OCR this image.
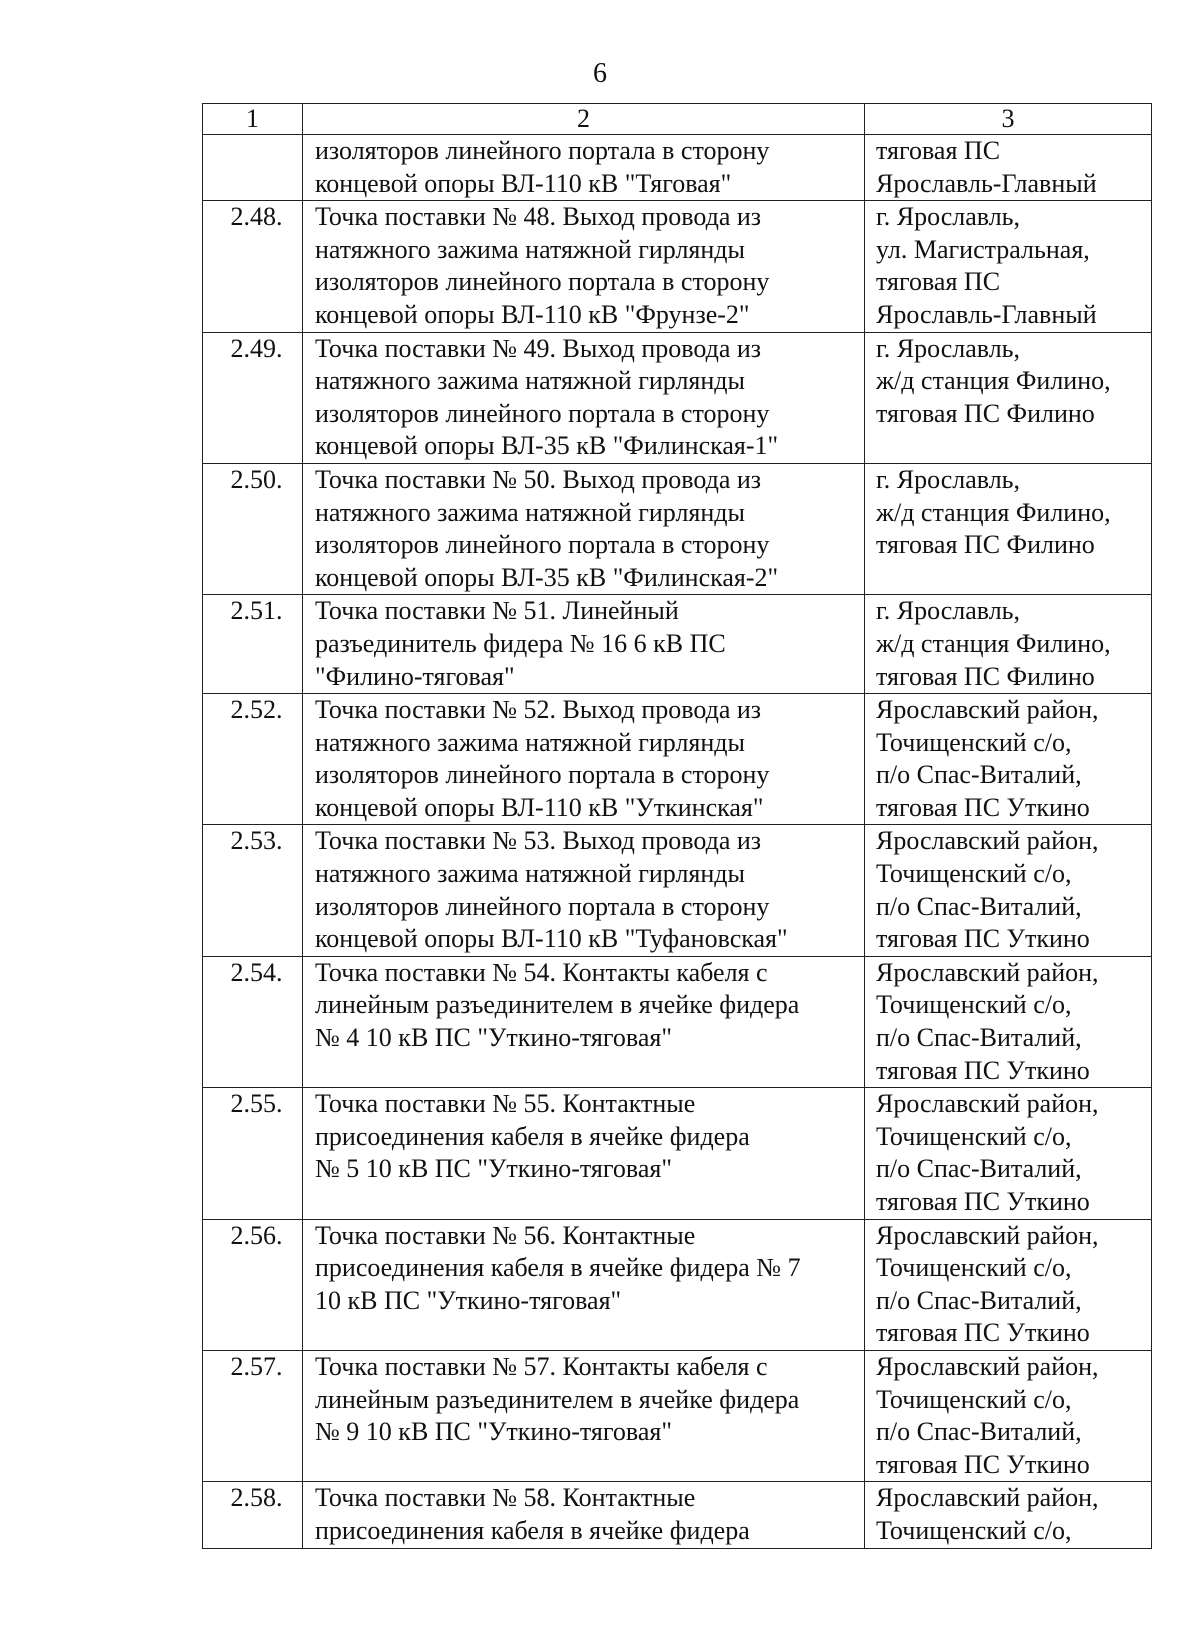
6
1	2	3

	изоляторов линейного портала в сторону
концевой опоры ВЛ-110 кВ "Тяговая"	тяговая ПС
Ярославль-Главный

2.48.	Точка поставки № 48. Выход провода из
натяжного зажима натяжной гирлянды
изоляторов линейного портала в сторону
концевой опоры ВЛ-110 кВ "Фрунзе-2"	г. Ярославль,
ул. Магистральная,
тяговая ПС
Ярославль-Главный

2.49.	Точка поставки № 49. Выход провода из
натяжного зажима натяжной гирлянды
изоляторов линейного портала в сторону
концевой опоры ВЛ-35 кВ "Филинская-1"	г. Ярославль,
ж/д станция Филино,
тяговая ПС Филино

2.50.	Точка поставки № 50. Выход провода из
натяжного зажима натяжной гирлянды
изоляторов линейного портала в сторону
концевой опоры ВЛ-35 кВ "Филинская-2"	г. Ярославль,
ж/д станция Филино,
тяговая ПС Филино

2.51.	Точка поставки № 51. Линейный
разъединитель фидера № 16 6 кВ ПС
"Филино-тяговая"	г. Ярославль,
ж/д станция Филино,
тяговая ПС Филино

2.52.	Точка поставки № 52. Выход провода из
натяжного зажима натяжной гирлянды
изоляторов линейного портала в сторону
концевой опоры ВЛ-110 кВ "Уткинская"	Ярославский район,
Точищенский с/о,
п/о Спас-Виталий,
тяговая ПС Уткино

2.53.	Точка поставки № 53. Выход провода из
натяжного зажима натяжной гирлянды
изоляторов линейного портала в сторону
концевой опоры ВЛ-110 кВ "Туфановская"	Ярославский район,
Точищенский с/о,
п/о Спас-Виталий,
тяговая ПС Уткино

2.54.	Точка поставки № 54. Контакты кабеля с
линейным разъединителем в ячейке фидера
№ 4 10 кВ ПС "Уткино-тяговая"	Ярославский район,
Точищенский с/о,
п/о Спас-Виталий,
тяговая ПС Уткино

2.55.	Точка поставки № 55. Контактные
присоединения кабеля в ячейке фидера
№ 5 10 кВ ПС "Уткино-тяговая"	Ярославский район,
Точищенский с/о,
п/о Спас-Виталий,
тяговая ПС Уткино

2.56.	Точка поставки № 56. Контактные
присоединения кабеля в ячейке фидера № 7
10 кВ ПС "Уткино-тяговая"	Ярославский район,
Точищенский с/о,
п/о Спас-Виталий,
тяговая ПС Уткино

2.57.	Точка поставки № 57. Контакты кабеля с
линейным разъединителем в ячейке фидера
№ 9 10 кВ ПС "Уткино-тяговая"	Ярославский район,
Точищенский с/о,
п/о Спас-Виталий,
тяговая ПС Уткино

2.58.	Точка поставки № 58. Контактные
присоединения кабеля в ячейке фидера	Ярославский район,
Точищенский с/о,
